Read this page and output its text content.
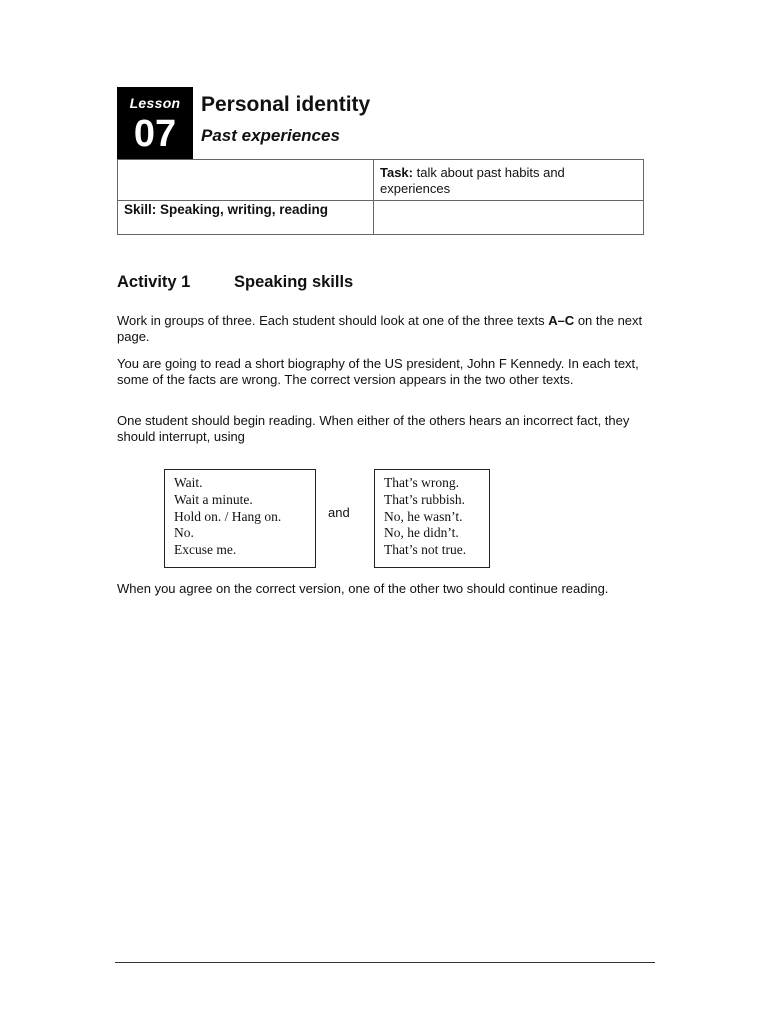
Lesson
07
Personal identity
Past experiences
Task: talk about past habits and experiences
Skill: Speaking, writing, reading
Activity 1	Speaking skills
Work in groups of three. Each student should look at one of the three texts A–C on the next page.
You are going to read a short biography of the US president, John F Kennedy. In each text, some of the facts are wrong. The correct version appears in the two other texts.
One student should begin reading. When either of the others hears an incorrect fact, they should interrupt, using
Wait.
Wait a minute.
Hold on. / Hang on.
No.
Excuse me.
and
That’s wrong.
That’s rubbish.
No, he wasn’t.
No, he didn’t.
That’s not true.
When you agree on the correct version, one of the other two should continue reading.
